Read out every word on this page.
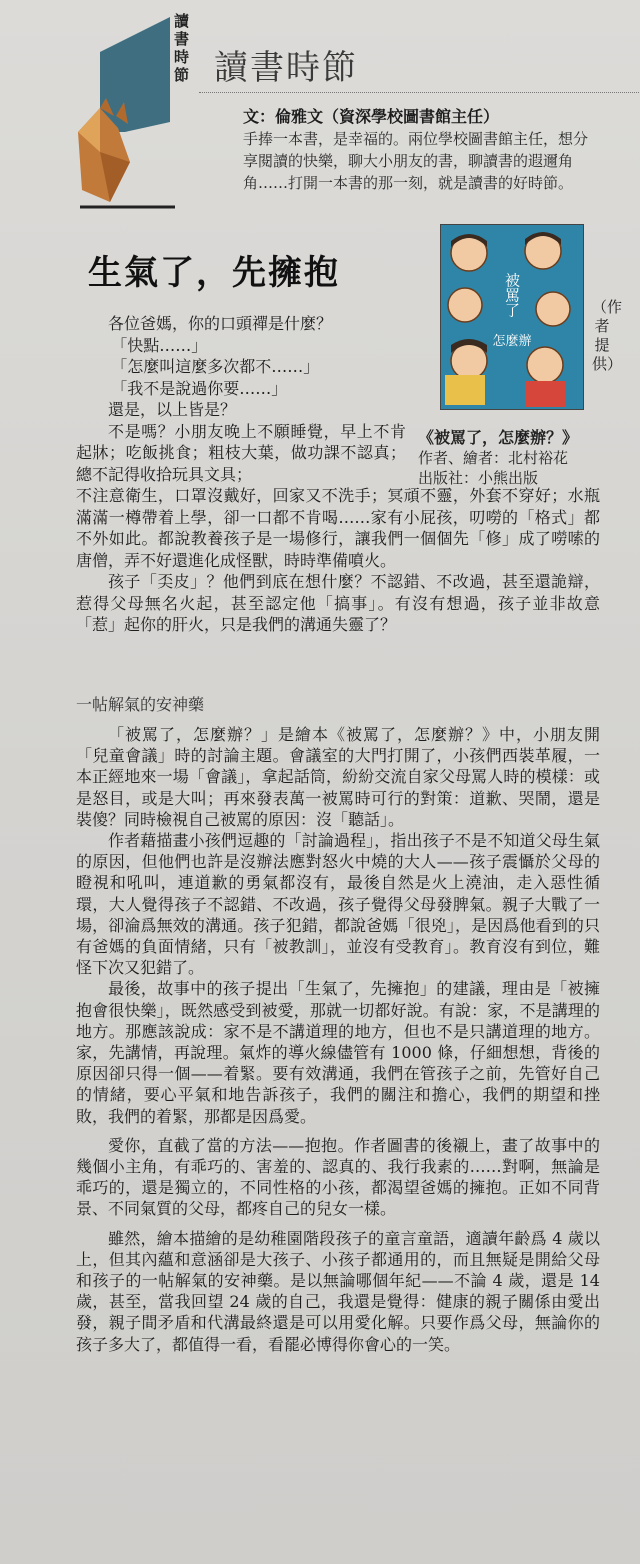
讀書時節 讀書時節
文：倫雅文（資深學校圖書館主任）
手捧一本書，是幸福的。兩位學校圖書館主任，想分享閱讀的快樂，聊大小朋友的書，聊讀書的遐邇角角……打開一本書的那一刻，就是讀書的好時節。
生氣了，先擁抱	被罵了
怎麼辦
（作者提供）
《被罵了，怎麼辦？》
作者、繪者：北村裕花
出版社：小熊出版

各位爸媽，你的口頭禪是什麼？

「快點……」

「怎麼叫這麼多次都不……」

「我不是說過你要……」

還是，以上皆是？

不是嗎？小朋友晚上不願睡覺，早上不肯起牀；吃飯挑食；粗枝大葉，做功課不認真；總不記得收拾玩具文具；

不注意衛生，口罩沒戴好，回家又不洗手；冥頑不靈，外套不穿好；水瓶滿滿一樽帶着上學，卻一口都不肯喝……家有小屁孩，叨嘮的「格式」都不外如此。都說教養孩子是一場修行，讓我們一個個先「修」成了嘮嗦的唐僧，弄不好還進化成怪獸，時時準備噴火。

孩子「奀皮」？他們到底在想什麼？不認錯、不改過，甚至還詭辯，惹得父母無名火起，甚至認定他「搞事」。有沒有想過，孩子並非故意「惹」起你的肝火，只是我們的溝通失靈了？

一帖解氣的安神藥

「被罵了，怎麼辦？」是繪本《被罵了，怎麼辦？》中，小朋友開「兒童會議」時的討論主題。會議室的大門打開了，小孩們西裝革履，一本正經地來一場「會議」，拿起話筒，紛紛交流自家父母罵人時的模樣：或是怒目，或是大叫；再來發表萬一被罵時可行的對策：道歉、哭鬧，還是裝傻？同時檢視自己被罵的原因：沒「聽話」。

作者藉描畫小孩們逗趣的「討論過程」，指出孩子不是不知道父母生氣的原因，但他們也許是沒辦法應對怒火中燒的大人——孩子震懾於父母的瞪視和吼叫，連道歉的勇氣都沒有，最後自然是火上澆油，走入惡性循環，大人覺得孩子不認錯、不改過，孩子覺得父母發脾氣。親子大戰了一場，卻淪爲無效的溝通。孩子犯錯，都說爸媽「很兇」，是因爲他看到的只有爸媽的負面情緒，只有「被教訓」，並沒有受教育」。教育沒有到位，難怪下次又犯錯了。

最後，故事中的孩子提出「生氣了，先擁抱」的建議，理由是「被擁抱會很快樂」，既然感受到被愛，那就一切都好說。有說：家，不是講理的地方。那應該說成：家不是不講道理的地方，但也不是只講道理的地方。家，先講情，再說理。氣炸的導火線儘管有 1000 條，仔細想想，背後的原因卻只得一個——着緊。要有效溝通，我們在管孩子之前，先管好自己的情緒，要心平氣和地告訴孩子，我們的關注和擔心，我們的期望和挫敗，我們的着緊，那都是因爲愛。

愛你，直截了當的方法——抱抱。作者圖書的後襯上，畫了故事中的幾個小主角，有乖巧的、害羞的、認真的、我行我素的……對啊，無論是乖巧的，還是獨立的，不同性格的小孩，都渴望爸媽的擁抱。正如不同背景、不同氣質的父母，都疼自己的兒女一樣。

雖然，繪本描繪的是幼稚園階段孩子的童言童語，適讀年齡爲 4 歲以上，但其內蘊和意涵卻是大孩子、小孩子都通用的，而且無疑是開給父母和孩子的一帖解氣的安神藥。是以無論哪個年紀——不論 4 歲，還是 14 歲，甚至，當我回望 24 歲的自己，我還是覺得：健康的親子關係由愛出發，親子間矛盾和代溝最終還是可以用愛化解。只要作爲父母，無論你的孩子多大了，都值得一看，看罷必博得你會心的一笑。
